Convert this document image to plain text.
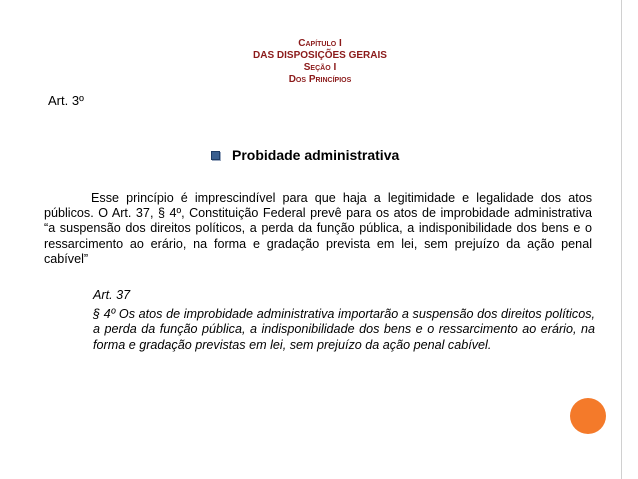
Capítulo I
DAS DISPOSIÇÕES GERAIS
Seção I
Dos Princípios
Art. 3º
Probidade administrativa
Esse princípio é imprescindível para que haja a legitimidade e legalidade dos atos públicos. O Art. 37, § 4º, Constituição Federal prevê para os atos de improbidade administrativa “a suspensão dos direitos políticos, a perda da função pública, a indisponibilidade dos bens e o ressarcimento ao erário, na forma e gradação prevista em lei, sem prejuízo da ação penal cabível”
Art. 37
§ 4º Os atos de improbidade administrativa importarão a suspensão dos direitos políticos, a perda da função pública, a indisponibilidade dos bens e o ressarcimento ao erário, na forma e gradação previstas em lei, sem prejuízo da ação penal cabível.
